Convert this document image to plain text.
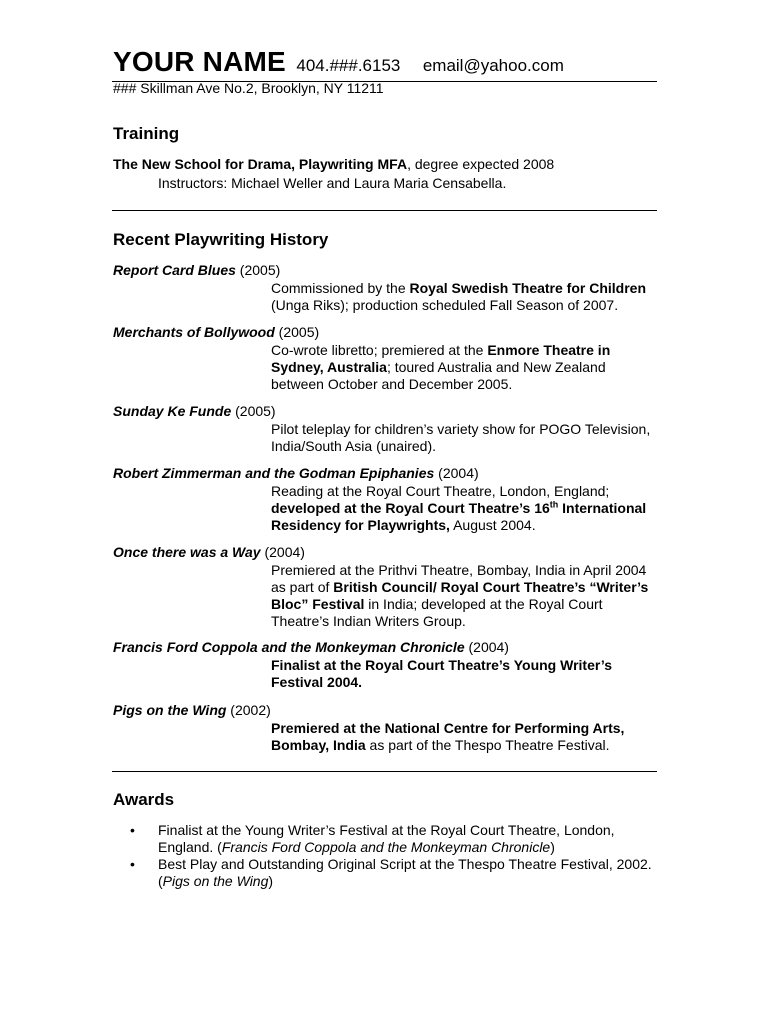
YOUR NAME 404.###.6153 email@yahoo.com
### Skillman Ave No.2, Brooklyn, NY 11211
Training
The New School for Drama, Playwriting MFA, degree expected 2008
Instructors: Michael Weller and Laura Maria Censabella.
Recent Playwriting History
Report Card Blues (2005)
Commissioned by the Royal Swedish Theatre for Children (Unga Riks); production scheduled Fall Season of 2007.
Merchants of Bollywood (2005)
Co-wrote libretto; premiered at the Enmore Theatre in Sydney, Australia; toured Australia and New Zealand between October and December 2005.
Sunday Ke Funde (2005)
Pilot teleplay for children’s variety show for POGO Television, India/South Asia (unaired).
Robert Zimmerman and the Godman Epiphanies (2004)
Reading at the Royal Court Theatre, London, England; developed at the Royal Court Theatre’s 16th International Residency for Playwrights, August 2004.
Once there was a Way (2004)
Premiered at the Prithvi Theatre, Bombay, India in April 2004 as part of British Council/ Royal Court Theatre’s “Writer’s Bloc” Festival in India; developed at the Royal Court Theatre’s Indian Writers Group.
Francis Ford Coppola and the Monkeyman Chronicle (2004)
Finalist at the Royal Court Theatre’s Young Writer’s Festival 2004.
Pigs on the Wing (2002)
Premiered at the National Centre for Performing Arts, Bombay, India as part of the Thespo Theatre Festival.
Awards
• Finalist at the Young Writer’s Festival at the Royal Court Theatre, London, England. (Francis Ford Coppola and the Monkeyman Chronicle)
• Best Play and Outstanding Original Script at the Thespo Theatre Festival, 2002. (Pigs on the Wing)
